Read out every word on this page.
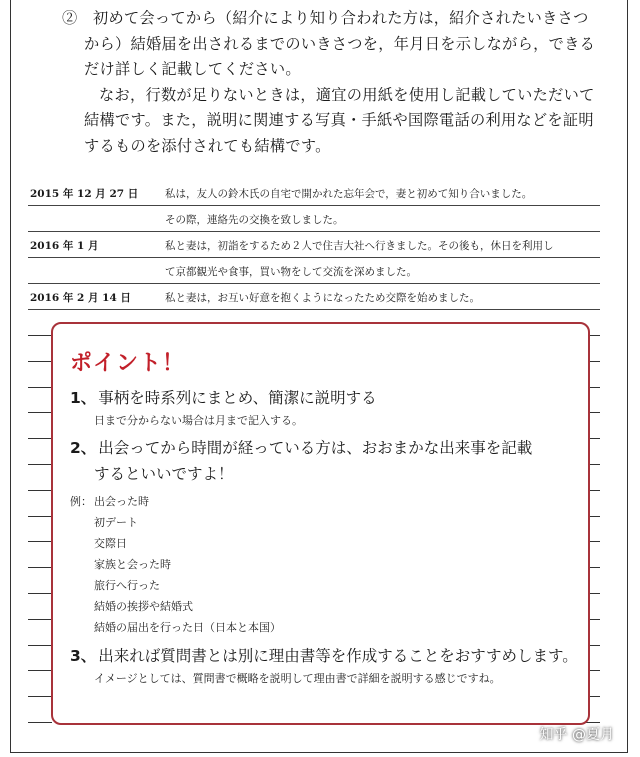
②　初めて会ってから（紹介により知り合われた方は，紹介されたいきさつ

から）結婚届を出されるまでのいきさつを，年月日を示しながら，できる

だけ詳しく記載してください。

なお，行数が足りないときは，適宜の用紙を使用し記載していただいて

結構です。また，説明に関連する写真・手紙や国際電話の利用などを証明

するものを添付されても結構です。

2015 年 12 月 27 日	私は，友人の鈴木氏の自宅で開かれた忘年会で，妻と初めて知り合いました。
その際，連絡先の交換を致しました。
2016 年 1 月	私と妻は，初詣をするため２人で住吉大社へ行きました。その後も，休日を利用し
て京都観光や食事，買い物をして交流を深めました。
2016 年 2 月 14 日	私と妻は，お互い好意を抱くようになったため交際を始めました。
ポイント！
1、 事柄を時系列にまとめ、簡潔に説明する
日まで分からない場合は月まで記入する。
2、 出会ってから時間が経っている方は、おおまかな出来事を記載
するといいですよ！
例： 出会った時
初デート
交際日
家族と会った時
旅行へ行った
結婚の挨拶や結婚式
結婚の届出を行った日（日本と本国）
3、 出来れば質問書とは別に理由書等を作成することをおすすめします。
イメージとしては、質問書で概略を説明して理由書で詳細を説明する感じですね。
知乎 @夏月
